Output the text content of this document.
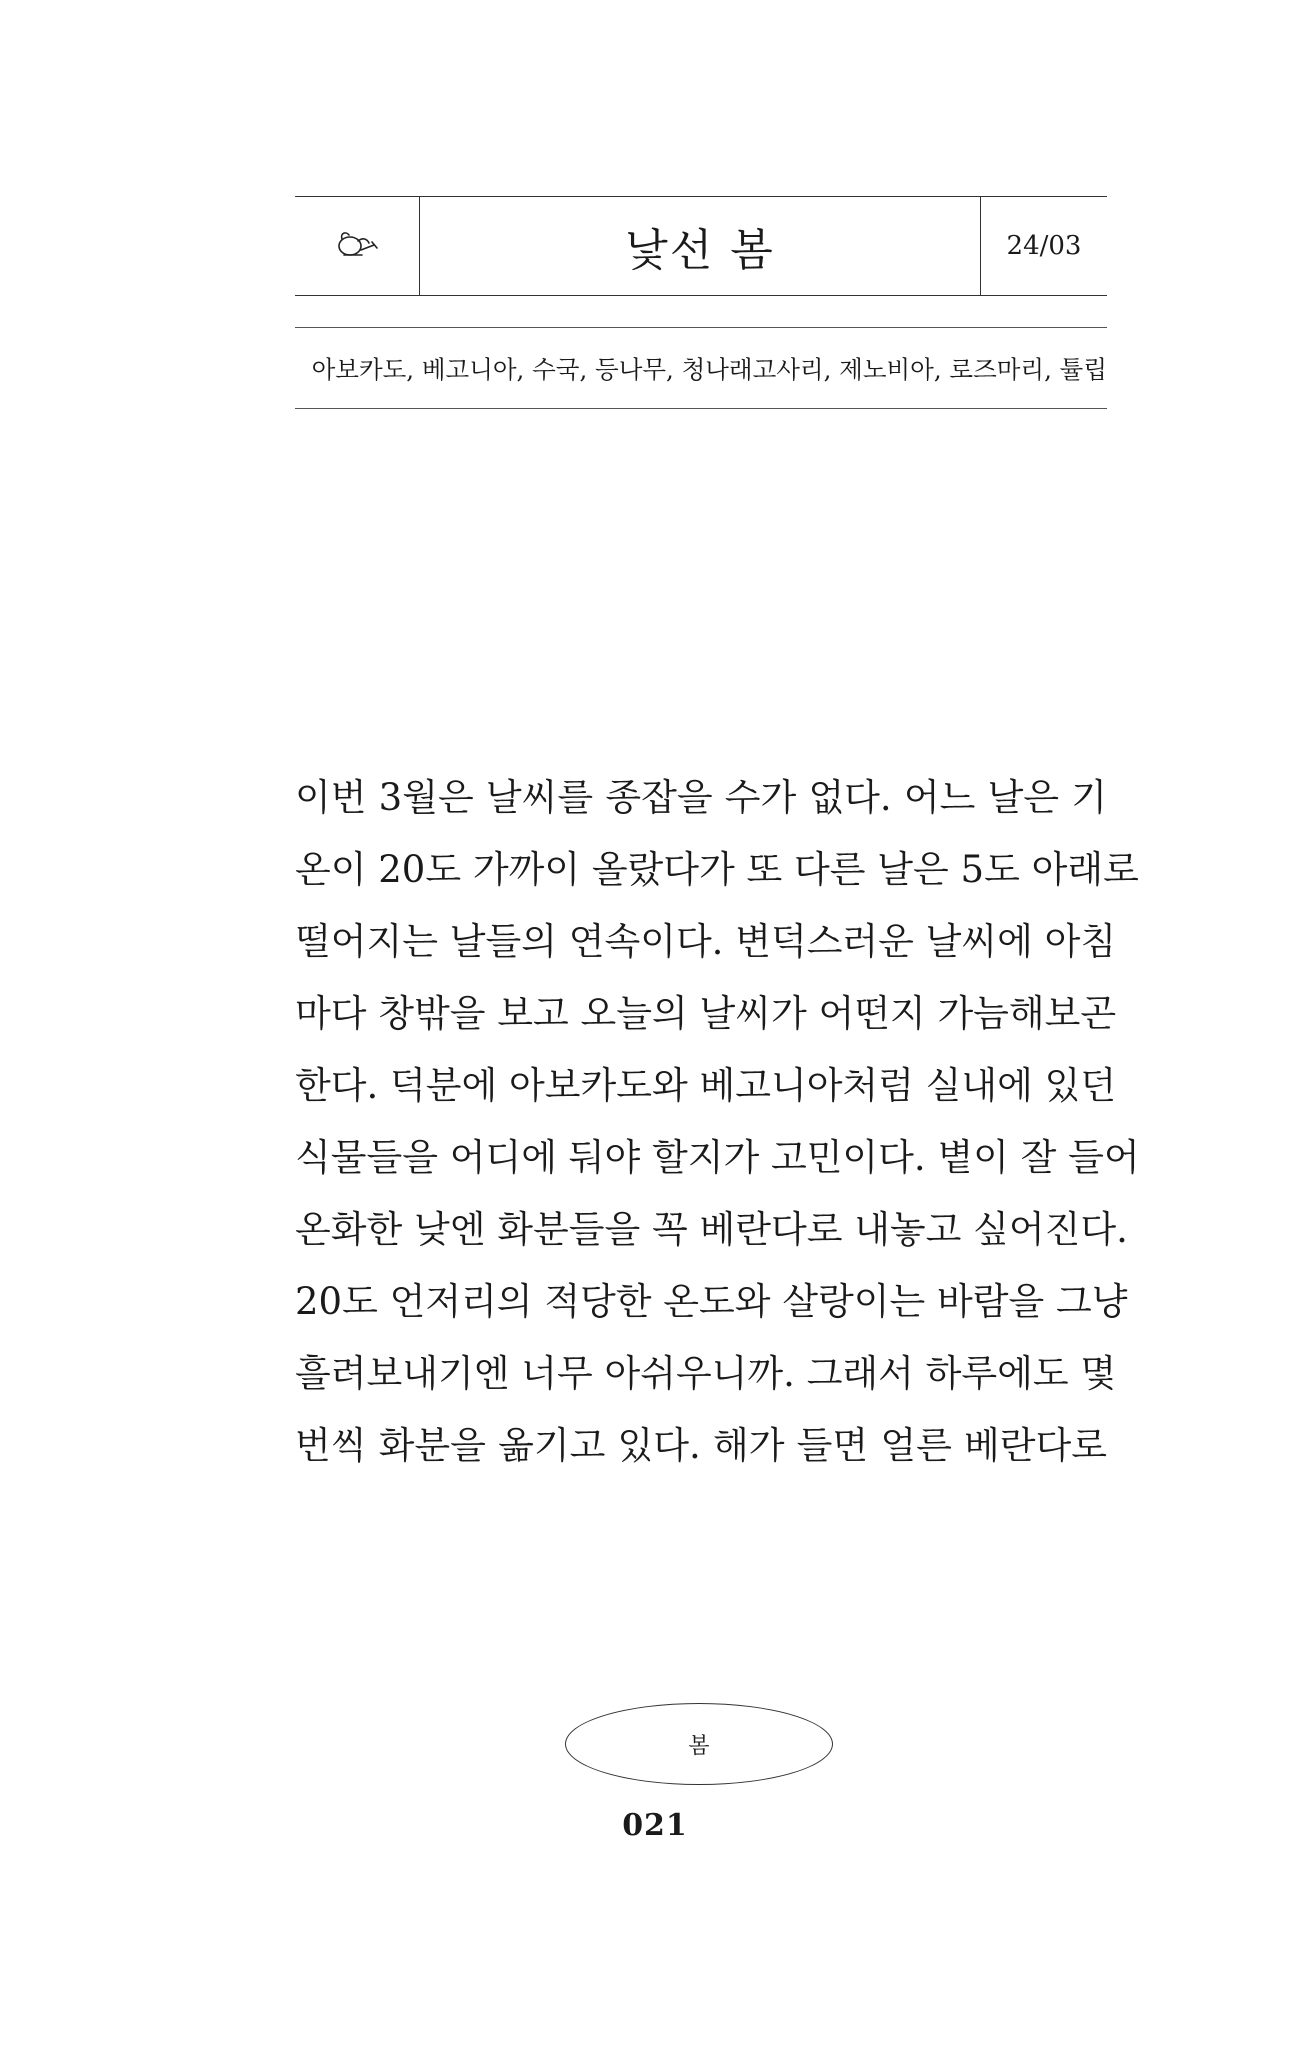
낯선 봄	24/03
아보카도, 베고니아, 수국, 등나무, 청나래고사리, 제노비아, 로즈마리, 튤립
이번 3월은 날씨를 종잡을 수가 없다. 어느 날은 기
온이 20도 가까이 올랐다가 또 다른 날은 5도 아래로
떨어지는 날들의 연속이다. 변덕스러운 날씨에 아침
마다 창밖을 보고 오늘의 날씨가 어떤지 가늠해보곤
한다. 덕분에 아보카도와 베고니아처럼 실내에 있던
식물들을 어디에 둬야 할지가 고민이다. 볕이 잘 들어
온화한 낮엔 화분들을 꼭 베란다로 내놓고 싶어진다.
20도 언저리의 적당한 온도와 살랑이는 바람을 그냥
흘려보내기엔 너무 아쉬우니까. 그래서 하루에도 몇
번씩 화분을 옮기고 있다. 해가 들면 얼른 베란다로
봄
021
